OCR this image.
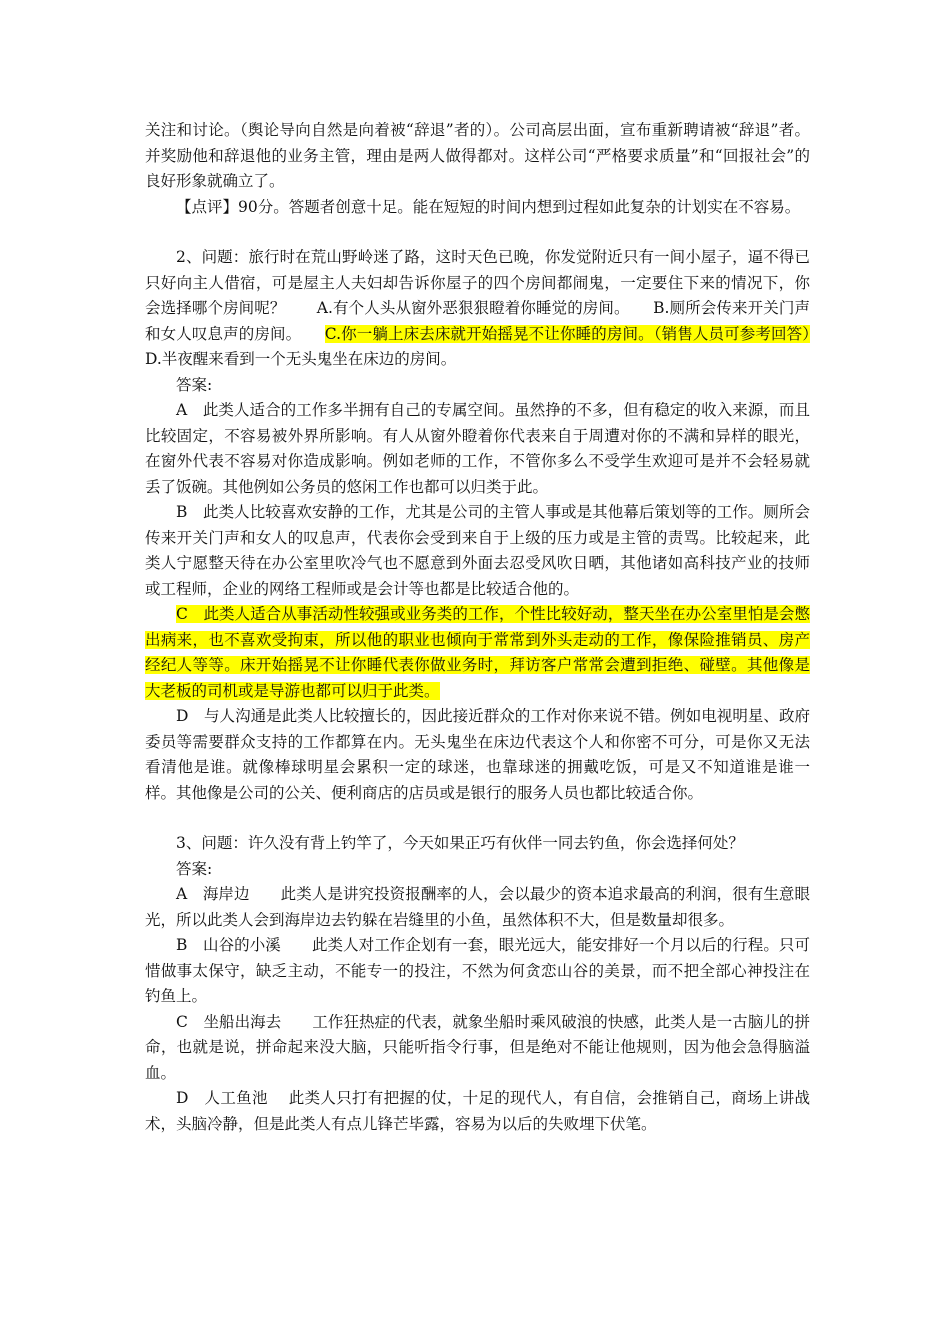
关注和讨论。（舆论导向自然是向着被“辞退”者的）。公司高层出面，宣布重新聘请被“辞退”者。并奖励他和辞退他的业务主管，理由是两人做得都对。这样公司“严格要求质量”和“回报社会”的良好形象就确立了。

【点评】90分。答题者创意十足。能在短短的时间内想到过程如此复杂的计划实在不容易。

2、问题：旅行时在荒山野岭迷了路，这时天色已晚，你发觉附近只有一间小屋子，逼不得已只好向主人借宿，可是屋主人夫妇却告诉你屋子的四个房间都闹鬼，一定要住下来的情况下，你会选择哪个房间呢？　　 A.有个人头从窗外恶狠狠瞪着你睡觉的房间。　　 B.厕所会传来开关门声和女人叹息声的房间。　　 C.你一躺上床去床就开始摇晃不让你睡的房间。（销售人员可参考回答）　　D.半夜醒来看到一个无头鬼坐在床边的房间。

答案:

A　此类人适合的工作多半拥有自己的专属空间。虽然挣的不多，但有稳定的收入来源，而且比较固定，不容易被外界所影响。有人从窗外瞪着你代表来自于周遭对你的不满和异样的眼光，在窗外代表不容易对你造成影响。例如老师的工作，不管你多么不受学生欢迎可是并不会轻易就丢了饭碗。其他例如公务员的悠闲工作也都可以归类于此。

B　此类人比较喜欢安静的工作，尤其是公司的主管人事或是其他幕后策划等的工作。厕所会传来开关门声和女人的叹息声，代表你会受到来自于上级的压力或是主管的责骂。比较起来，此类人宁愿整天待在办公室里吹冷气也不愿意到外面去忍受风吹日晒，其他诸如高科技产业的技师或工程师，企业的网络工程师或是会计等也都是比较适合他的。

C　此类人适合从事活动性较强或业务类的工作，个性比较好动，整天坐在办公室里怕是会憋出病来，也不喜欢受拘束，所以他的职业也倾向于常常到外头走动的工作，像保险推销员、房产经纪人等等。床开始摇晃不让你睡代表你做业务时，拜访客户常常会遭到拒绝、碰壁。其他像是大老板的司机或是导游也都可以归于此类。

D　与人沟通是此类人比较擅长的，因此接近群众的工作对你来说不错。例如电视明星、政府委员等需要群众支持的工作都算在内。无头鬼坐在床边代表这个人和你密不可分，可是你又无法看清他是谁。就像棒球明星会累积一定的球迷，也靠球迷的拥戴吃饭，可是又不知道谁是谁一样。其他像是公司的公关、便利商店的店员或是银行的服务人员也都比较适合你。

3、问题：许久没有背上钓竿了，今天如果正巧有伙伴一同去钓鱼，你会选择何处？

答案:

A　海岸边　　此类人是讲究投资报酬率的人，会以最少的资本追求最高的利润，很有生意眼光，所以此类人会到海岸边去钓躲在岩缝里的小鱼，虽然体积不大，但是数量却很多。

B　山谷的小溪　　此类人对工作企划有一套，眼光远大，能安排好一个月以后的行程。只可惜做事太保守，缺乏主动，不能专一的投注，不然为何贪恋山谷的美景，而不把全部心神投注在钓鱼上。

C　坐船出海去　　工作狂热症的代表，就象坐船时乘风破浪的快感，此类人是一古脑儿的拼命，也就是说，拼命起来没大脑，只能听指令行事，但是绝对不能让他规则，因为他会急得脑溢血。

D　人工鱼池　 此类人只打有把握的仗，十足的现代人，有自信，会推销自己，商场上讲战术，头脑冷静，但是此类人有点儿锋芒毕露，容易为以后的失败埋下伏笔。
